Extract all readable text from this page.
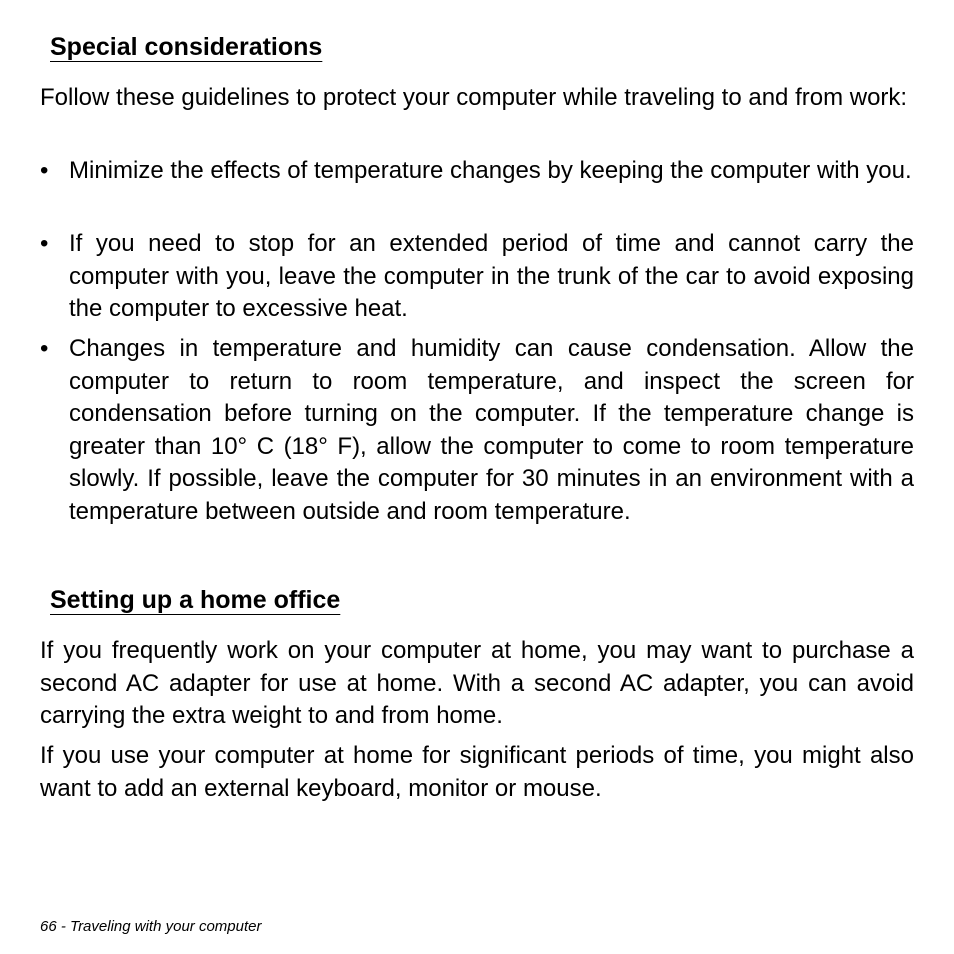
Special considerations
Follow these guidelines to protect your computer while traveling to and from work:
• Minimize the effects of temperature changes by keeping the computer with you.
• If you need to stop for an extended period of time and cannot carry the computer with you, leave the computer in the trunk of the car to avoid exposing the computer to excessive heat.
• Changes in temperature and humidity can cause condensation. Allow the computer to return to room temperature, and inspect the screen for condensation before turning on the computer. If the temperature change is greater than 10° C (18° F), allow the computer to come to room temperature slowly. If possible, leave the computer for 30 minutes in an environment with a temperature between outside and room temperature.
Setting up a home office
If you frequently work on your computer at home, you may want to purchase a second AC adapter for use at home. With a second AC adapter, you can avoid carrying the extra weight to and from home.
If you use your computer at home for significant periods of time, you might also want to add an external keyboard, monitor or mouse.
66 - Traveling with your computer
